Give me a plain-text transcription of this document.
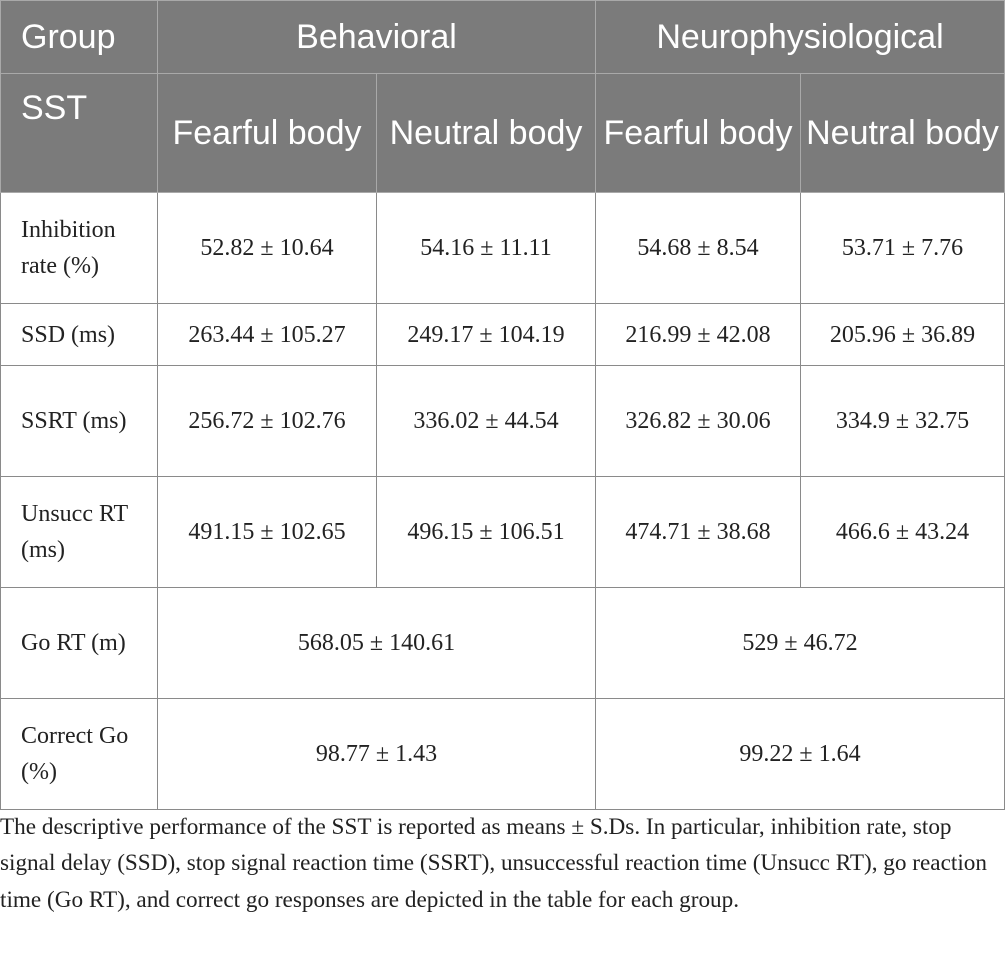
Group	Behavioral		Neurophysiological	
SST	Fearful body	Neutral body	Fearful body	Neutral body
Inhibition rate (%)	52.82 ± 10.64	54.16 ± 11.11	54.68 ± 8.54	53.71 ± 7.76
SSD (ms)	263.44 ± 105.27	249.17 ± 104.19	216.99 ± 42.08	205.96 ± 36.89
SSRT (ms)	256.72 ± 102.76	336.02 ± 44.54	326.82 ± 30.06	334.9 ± 32.75
Unsucc RT (ms)	491.15 ± 102.65	496.15 ± 106.51	474.71 ± 38.68	466.6 ± 43.24
Go RT (m)	568.05 ± 140.61		529 ± 46.72	
Correct Go (%)	98.77 ± 1.43		99.22 ± 1.64	

The descriptive performance of the SST is reported as means ± S.Ds. In particular, inhibition rate, stop signal delay (SSD), stop signal reaction time (SSRT), unsuccessful reaction time (Unsucc RT), go reaction time (Go RT), and correct go responses are depicted in the table for each group.
